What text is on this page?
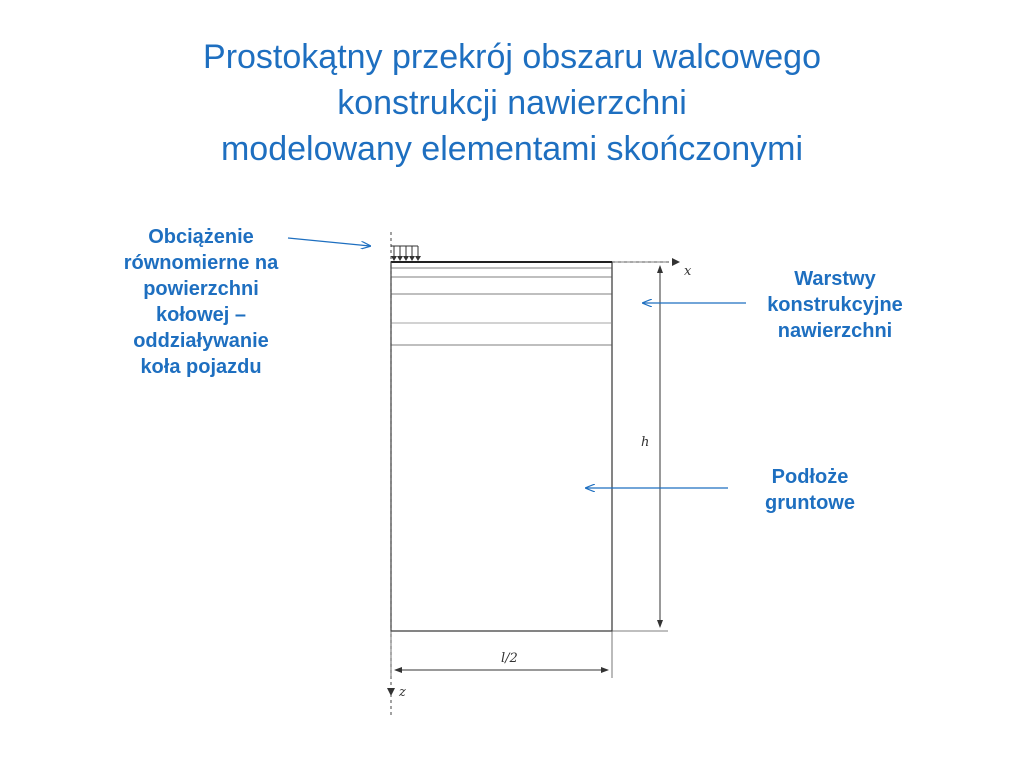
Prostokątny przekrój obszaru walcowego
konstrukcji nawierzchni
modelowany elementami skończonymi
Obciążenie
równomierne na
powierzchni
kołowej –
oddziaływanie
koła pojazdu
Warstwy
konstrukcyjne
nawierzchni
Podłoże
gruntowe
x
z
h
l/2
